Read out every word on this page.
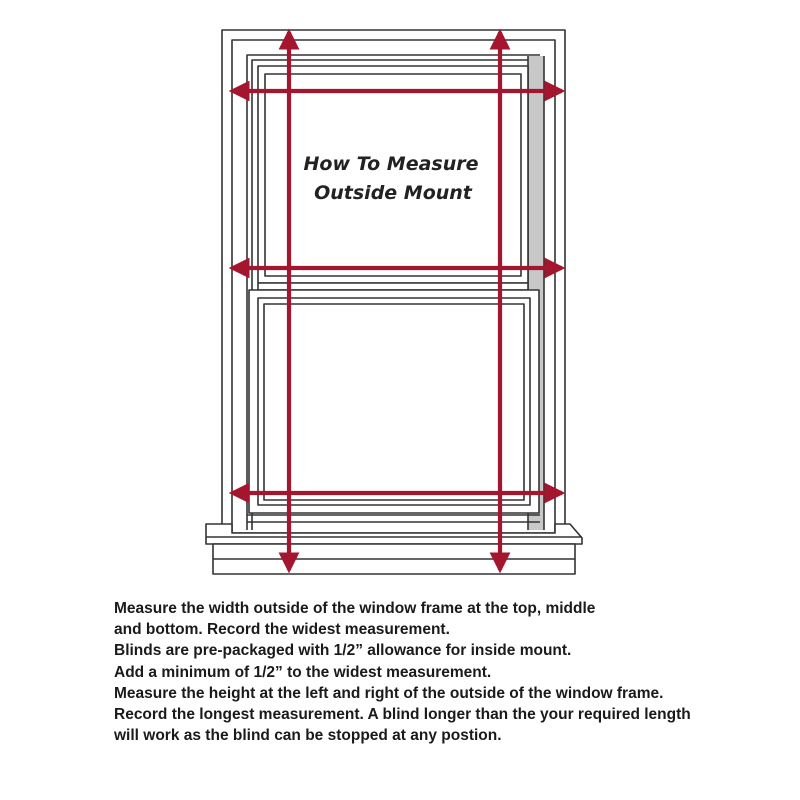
How To Measure
Outside Mount
Measure the width outside of the window frame at the top, middle
and bottom. Record the widest measurement.
Blinds are pre-packaged with 1/2” allowance for inside mount.
Add a minimum of 1/2” to the widest measurement.
Measure the height at the left and right of the outside of the window frame.
Record the longest measurement. A blind longer than the your required length
will work as the blind can be stopped at any postion.
